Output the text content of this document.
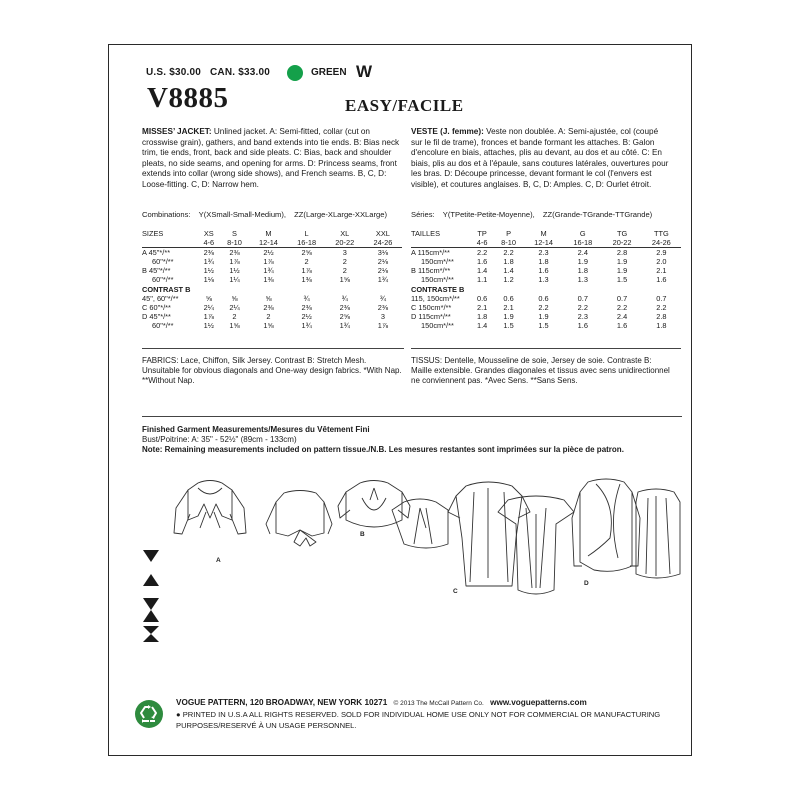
U.S. $30.00 CAN. $33.00	GREEN W
V8885	EASY/FACILE
MISSES’ JACKET: Unlined jacket. A: Semi-fitted, collar (cut on crosswise grain), gathers, and band extends into tie ends. B: Bias neck trim, tie ends, front, back and side pleats. C: Bias, back and shoulder pleats, no side seams, and opening for arms. D: Princess seams, front extends into collar (wrong side shows), and French seams. B, C, D: Loose-fitting. C, D: Narrow hem.
VESTE (J. femme): Veste non doublée. A: Semi-ajustée, col (coupé sur le fil de trame), fronces et bande formant les attaches. B: Galon d'encolure en biais, attaches, plis au devant, au dos et au côté. C: En biais, plis au dos et à l'épaule, sans coutures latérales, ouvertures pour les bras. D: Découpe princesse, devant formant le col (l'envers est visible), et coutures anglaises. B, C, D: Amples. C, D: Ourlet étroit.
Combinations: Y(XSmall-Small-Medium), ZZ(Large-XLarge-XXLarge)	Séries: Y(TPetite-Petite-Moyenne), ZZ(Grande-TGrande-TTGrande)
SIZES	XS	S	M	L	XL	XXL
	4-6	8-10	12-14	16-18	20-22	24-26
A 45"*/**	2⅜	2⅜	2½	2⅝	3	3⅛
60"*/**	1¾	1⅞	1⅞	2	2	2⅛
B 45"*/**	1½	1½	1¾	1⅞	2	2⅛
60"*/**	1⅛	1¼	1⅜	1⅜	1⅝	1¾
CONTRAST B						
45", 60"*/**	⅝	⅝	⅝	¾	¾	¾
C 60"*/**	2¼	2¼	2⅜	2⅜	2⅜	2⅜
D 45"*/**	1⅞	2	2	2½	2⅝	3
60"*/**	1½	1⅝	1⅝	1¾	1¾	1⅞
TAILLES	TP	P	M	G	TG	TTG
	4-6	8-10	12-14	16-18	20-22	24-26
A 115cm*/**	2.2	2.2	2.3	2.4	2.8	2.9
150cm*/**	1.6	1.8	1.8	1.9	1.9	2.0
B 115cm*/**	1.4	1.4	1.6	1.8	1.9	2.1
150cm*/**	1.1	1.2	1.3	1.3	1.5	1.6
CONTRASTE B						
115, 150cm*/**	0.6	0.6	0.6	0.7	0.7	0.7
C 150cm*/**	2.1	2.1	2.2	2.2	2.2	2.2
D 115cm*/**	1.8	1.9	1.9	2.3	2.4	2.8
150cm*/**	1.4	1.5	1.5	1.6	1.6	1.8
FABRICS: Lace, Chiffon, Silk Jersey. Contrast B: Stretch Mesh. Unsuitable for obvious diagonals and One-way design fabrics. *With Nap. **Without Nap.
TISSUS: Dentelle, Mousseline de soie, Jersey de soie. Contraste B: Maille extensible. Grandes diagonales et tissus avec sens unidirectionnel ne conviennent pas. *Avec Sens. **Sans Sens.
Finished Garment Measurements/Mesures du Vêtement Fini
Bust/Poitrine: A: 35" - 52½" (89cm - 133cm)
Note: Remaining measurements included on pattern tissue./N.B. Les mesures restantes sont imprimées sur la pièce de patron.
A
B
C
D
VOGUE PATTERN, 120 BROADWAY, NEW YORK 10271 © 2013 The McCall Pattern Co. www.voguepatterns.com
● PRINTED IN U.S.A ALL RIGHTS RESERVED. SOLD FOR INDIVIDUAL HOME USE ONLY NOT FOR COMMERCIAL OR MANUFACTURING PURPOSES/RESERVÉ À UN USAGE PERSONNEL.
